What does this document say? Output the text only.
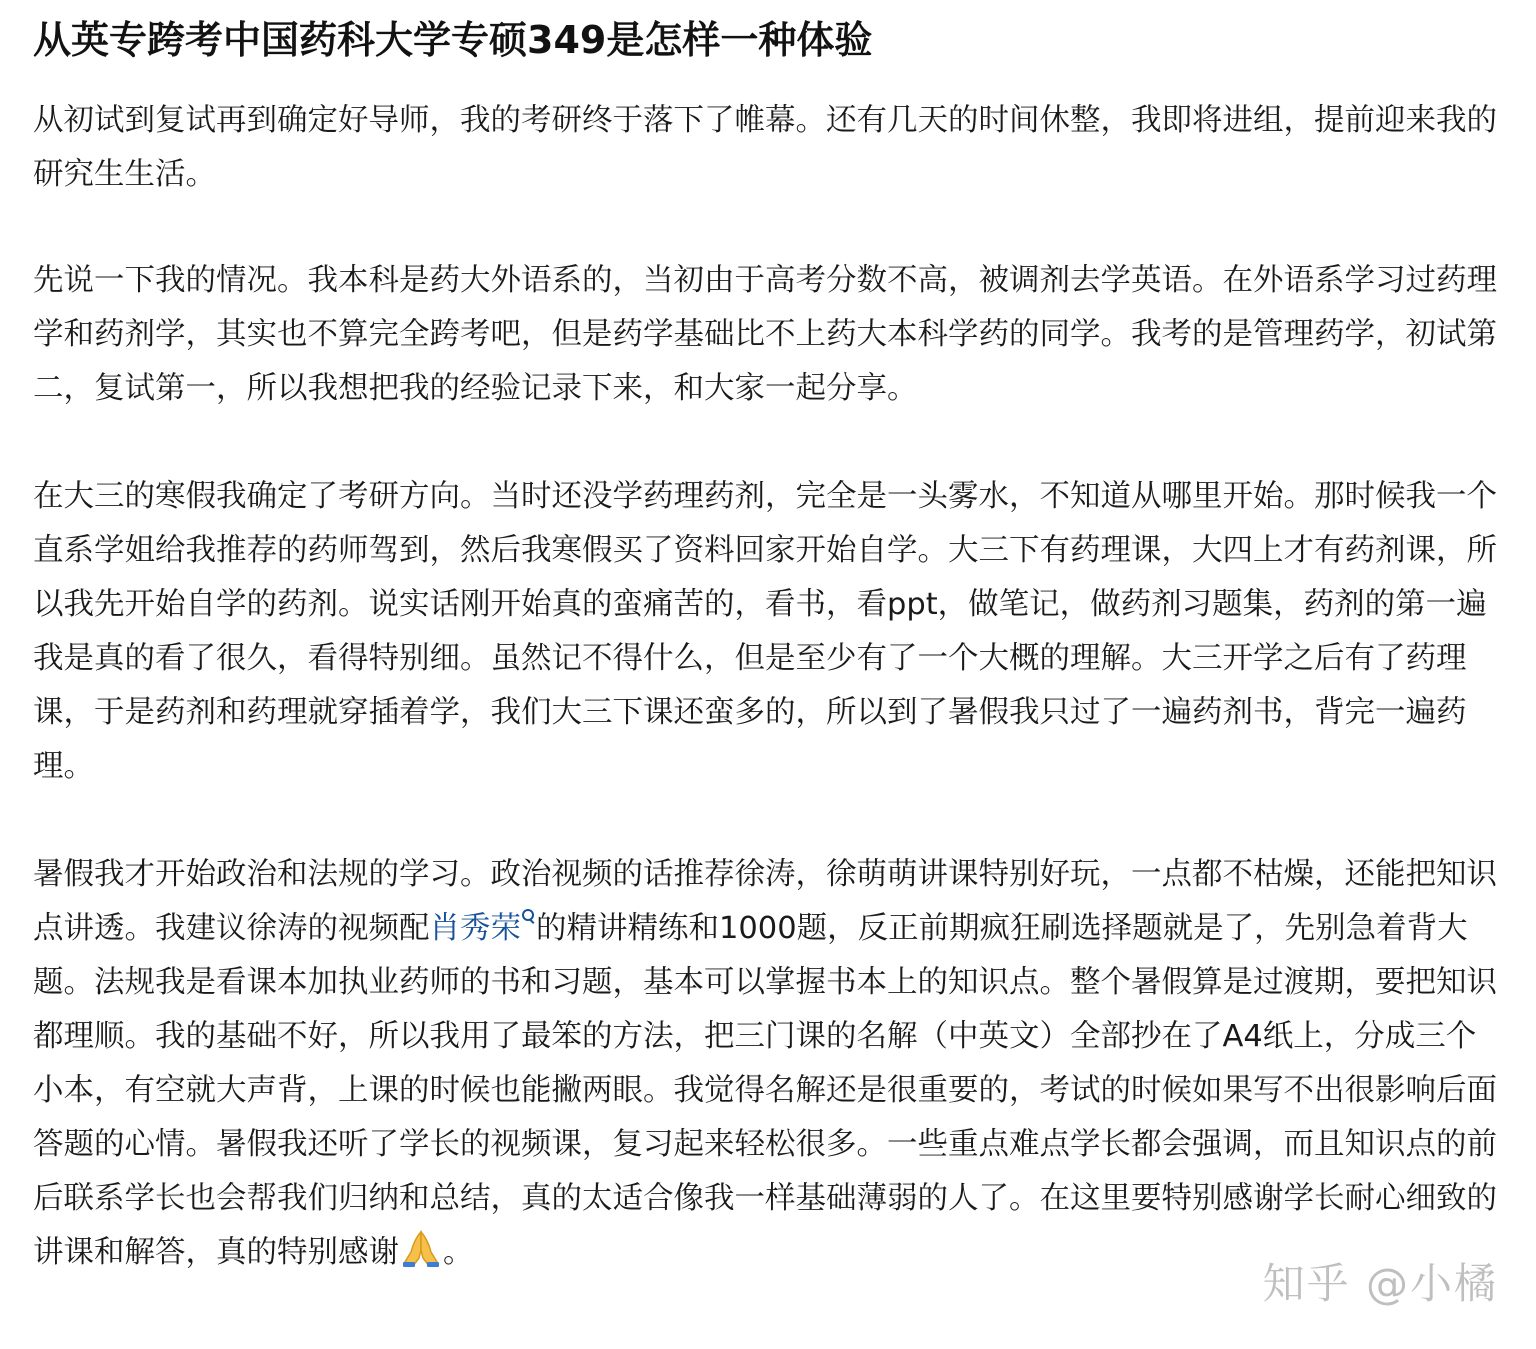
从英专跨考中国药科大学专硕349是怎样一种体验

从初试到复试再到确定好导师，我的考研终于落下了帷幕。还有几天的时间休整，我即将进组，提前迎来我的研究生生活。

先说一下我的情况。我本科是药大外语系的，当初由于高考分数不高，被调剂去学英语。在外语系学习过药理学和药剂学，其实也不算完全跨考吧，但是药学基础比不上药大本科学药的同学。我考的是管理药学，初试第二，复试第一，所以我想把我的经验记录下来，和大家一起分享。

在大三的寒假我确定了考研方向。当时还没学药理药剂，完全是一头雾水，不知道从哪里开始。那时候我一个直系学姐给我推荐的药师驾到，然后我寒假买了资料回家开始自学。大三下有药理课，大四上才有药剂课，所以我先开始自学的药剂。说实话刚开始真的蛮痛苦的，看书，看ppt，做笔记，做药剂习题集，药剂的第一遍我是真的看了很久，看得特别细。虽然记不得什么，但是至少有了一个大概的理解。大三开学之后有了药理课，于是药剂和药理就穿插着学，我们大三下课还蛮多的，所以到了暑假我只过了一遍药剂书，背完一遍药理。

暑假我才开始政治和法规的学习。政治视频的话推荐徐涛，徐萌萌讲课特别好玩，一点都不枯燥，还能把知识点讲透。我建议徐涛的视频配肖秀荣 的精讲精练和1000题，反正前期疯狂刷选择题就是了，先别急着背大题。法规我是看课本加执业药师的书和习题，基本可以掌握书本上的知识点。整个暑假算是过渡期，要把知识都理顺。我的基础不好，所以我用了最笨的方法，把三门课的名解（中英文）全部抄在了A4纸上，分成三个小本，有空就大声背，上课的时候也能撇两眼。我觉得名解还是很重要的，考试的时候如果写不出很影响后面答题的心情。暑假我还听了学长的视频课，复习起来轻松很多。一些重点难点学长都会强调，而且知识点的前后联系学长也会帮我们归纳和总结，真的太适合像我一样基础薄弱的人了。在这里要特别感谢学长耐心细致的讲课和解答，真的特别感谢 。

知乎 @小橘
